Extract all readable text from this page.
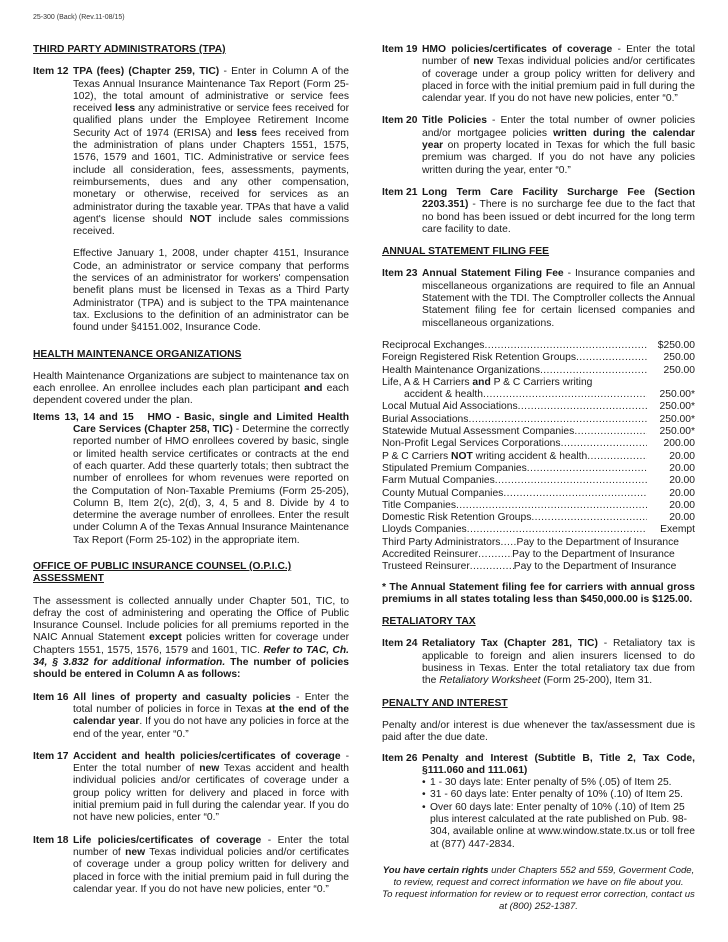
25-300 (Back) (Rev.11-08/15)
THIRD PARTY ADMINISTRATORS (TPA)
Item 12 TPA (fees) (Chapter 259, TIC) - Enter in Column A of the Texas Annual Insurance Maintenance Tax Report (Form 25-102), the total amount of administrative or service fees received less any administrative or service fees received for qualified plans under the Employee Retirement Income Security Act of 1974 (ERISA) and less fees received from the administration of plans under Chapters 1551, 1575, 1576, 1579 and 1601, TIC. Administrative or service fees include all consideration, fees, assessments, payments, reimbursements, dues and any other compensation, monetary or otherwise, received for services as an administrator during the taxable year. TPAs that have a valid agent's license should NOT include sales commissions received.

Effective January 1, 2008, under chapter 4151, Insurance Code, an administrator or service company that performs the services of an administrator for workers' compensation benefit plans must be licensed in Texas as a Third Party Administrator (TPA) and is subject to the TPA maintenance tax. Exclusions to the definition of an administrator can be found under §4151.002, Insurance Code.

HEALTH MAINTENANCE ORGANIZATIONS

Health Maintenance Organizations are subject to maintenance tax on each enrollee. An enrollee includes each plan participant and each dependent covered under the plan.

Items 13, 14 and 15 HMO - Basic, single and Limited Health Care Services (Chapter 258, TIC) - Determine the correctly reported number of HMO enrollees covered by basic, single or limited health service certificates or contracts at the end of each quarter. Add these quarterly totals; then subtract the number of enrollees for whom revenues were reported on the Computation of Non-Taxable Premiums (Form 25-205), Column B, Item 2(c), 2(d), 3, 4, 5 and 8. Divide by 4 to determine the average number of enrollees. Enter the result under Column A of the Texas Annual Insurance Maintenance Tax Report (Form 25-102) in the appropriate item.

OFFICE OF PUBLIC INSURANCE COUNSEL (O.P.I.C.) ASSESSMENT

The assessment is collected annually under Chapter 501, TIC, to defray the cost of administering and operating the Office of Public Insurance Counsel. Include policies for all premiums reported in the NAIC Annual Statement except policies written for coverage under Chapters 1551, 1575, 1576, 1579 and 1601, TIC. Refer to TAC, Ch. 34, § 3.832 for additional information. The number of policies should be entered in Column A as follows:

Item 16 All lines of property and casualty policies - Enter the total number of policies in force in Texas at the end of the calendar year. If you do not have any policies in force at the end of the year, enter “0.”
Item 17 Accident and health policies/certificates of coverage - Enter the total number of new Texas accident and health individual policies and/or certificates of coverage under a group policy written for delivery and placed in force with initial premium paid in full during the calendar year. If you do not have new policies, enter “0.”
Item 18 Life policies/certificates of coverage - Enter the total number of new Texas individual policies and/or certificates of coverage under a group policy written for delivery and placed in force with the initial premium paid in full during the calendar year. If you do not have new policies, enter “0.”
Item 19 HMO policies/certificates of coverage - Enter the total number of new Texas individual policies and/or certificates of coverage under a group policy written for delivery and placed in force with the initial premium paid in full during the calendar year. If you do not have new policies, enter “0.”
Item 20 Title Policies - Enter the total number of owner policies and/or mortgagee policies written during the calendar year on property located in Texas for which the full basic premium was charged. If you do not have any policies written during the year, enter “0.”
Item 21 Long Term Care Facility Surcharge Fee (Section 2203.351) - There is no surcharge fee due to the fact that no bond has been issued or debt incurred for the long term care facility to date.
ANNUAL STATEMENT FILING FEE
Item 23 Annual Statement Filing Fee - Insurance companies and miscellaneous organizations are required to file an Annual Statement with the TDI. The Comptroller collects the Annual Statement filing fee for certain licensed companies and miscellaneous organizations.
Reciprocal Exchanges .....	$250.00
Foreign Registered Risk Retention Groups .....	250.00
Health Maintenance Organizations .....	250.00
Life, A & H Carriers and P & C Carriers writing
accident & health .....	250.00*
Local Mutual Aid Associations .....	250.00*
Burial Associations .....	250.00*
Statewide Mutual Assessment Companies .....	250.00*
Non-Profit Legal Services Corporations .....	200.00
P & C Carriers NOT writing accident & health .....	20.00
Stipulated Premium Companies .....	20.00
Farm Mutual Companies .....	20.00
County Mutual Companies .....	20.00
Title Companies .....	20.00
Domestic Risk Retention Groups .....	20.00
Lloyds Companies .....	Exempt
Third Party Administrators ..... Pay to the Department of Insurance
Accredited Reinsurer .....	Pay to the Department of Insurance
Trusteed Reinsurer .....	Pay to the Department of Insurance

* The Annual Statement filing fee for carriers with annual gross premiums in all states totaling less than $450,000.00 is $125.00.

RETALIATORY TAX
Item 24 Retaliatory Tax (Chapter 281, TIC) - Retaliatory tax is applicable to foreign and alien insurers licensed to do business in Texas. Enter the total retaliatory tax due from the Retaliatory Worksheet (Form 25-200), Item 31.
PENALTY AND INTEREST

Penalty and/or interest is due whenever the tax/assessment due is paid after the due date.

Item 26 Penalty and Interest (Subtitle B, Title 2, Tax Code, §111.060 and 111.061)
• 1 - 30 days late: Enter penalty of 5% (.05) of Item 25.
• 31 - 60 days late: Enter penalty of 10% (.10) of Item 25.
• Over 60 days late: Enter penalty of 10% (.10) of Item 25 plus interest calculated at the rate published on Pub. 98-304, available online at www.window.state.tx.us or toll free at (877) 447-2834.

You have certain rights under Chapters 552 and 559, Goverment Code, to review, request and correct information we have on file about you.

To request information for review or to request error correction, contact us at (800) 252-1387.
